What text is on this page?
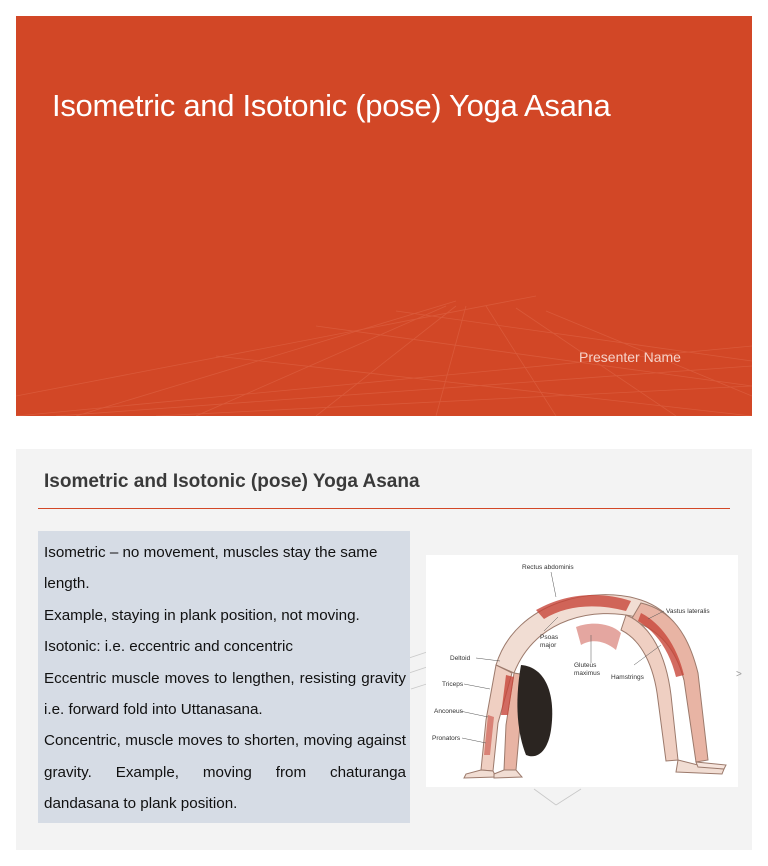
Isometric and Isotonic (pose) Yoga Asana
Presenter Name
Isometric and Isotonic (pose) Yoga Asana

Isometric – no movement, muscles stay the same length.

Example, staying in plank position, not moving.

Isotonic: i.e. eccentric and concentric

Eccentric muscle moves to lengthen, resisting gravity i.e. forward fold into Uttanasana.

Concentric, muscle moves to shorten, moving against gravity. Example, moving from chaturanga dandasana to plank position.

Rectus abdominis
Vastus lateralis
Psoas
major
Deltoid
Gluteus
maximus
Hamstrings
Triceps
Anconeus
Pronators
>
